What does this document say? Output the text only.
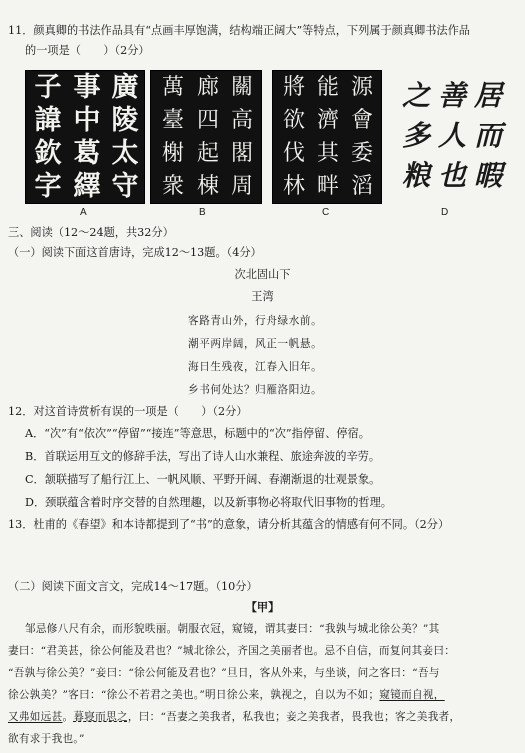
11．颜真卿的书法作品具有“点画丰厚饱满，结构端正阔大”等特点，下列属于颜真卿书法作品
的一项是（　　）（2分）
廣
陵
太
守
事
中
葛
繹
子
諱
欽
字
A
關
高
閣
周
廊
四
起
棟
萬
臺
榭
衆
B
源
會
委
滔
能
濟
其
畔
將
欲
伐
林
C
居
而
暇
善
人
也
之
多
粮
D
三、阅读（12～24题，共32分）
（一）阅读下面这首唐诗，完成12～13题。（4分）
次北固山下
王湾
客路青山外，行舟绿水前。
潮平两岸阔，风正一帆悬。
海日生残夜，江春入旧年。
乡书何处达？归雁洛阳边。
12．对这首诗赏析有误的一项是（　　）（2分）
A．“次”有“依次”“停留”“接连”等意思，标题中的“次”指停留、停宿。
B．首联运用互文的修辞手法，写出了诗人山水兼程、旅途奔波的辛劳。
C．颔联描写了船行江上、一帆风顺、平野开阔、春潮渐退的壮观景象。
D．颈联蕴含着时序交替的自然理趣，以及新事物必将取代旧事物的哲理。
13．杜甫的《春望》和本诗都提到了“书”的意象，请分析其蕴含的情感有何不同。（2分）
（二）阅读下面文言文，完成14～17题。（10分）
【甲】
邹忌修八尺有余，而形貌昳丽。朝服衣冠，窥镜，谓其妻曰：“我孰与城北徐公美？”其
妻曰：“君美甚，徐公何能及君也？”城北徐公，齐国之美丽者也。忌不自信，而复问其妾曰：
“吾孰与徐公美？”妾曰：“徐公何能及君也？”旦日，客从外来，与坐谈，问之客曰：“吾与
徐公孰美？”客曰：“徐公不若君之美也。”明日徐公来，孰视之，自以为不如；窥镜而自视，
又弗如远甚。暮寝而思之，曰：“吾妻之美我者，私我也；妾之美我者，畏我也；客之美我者，
欲有求于我也。”
